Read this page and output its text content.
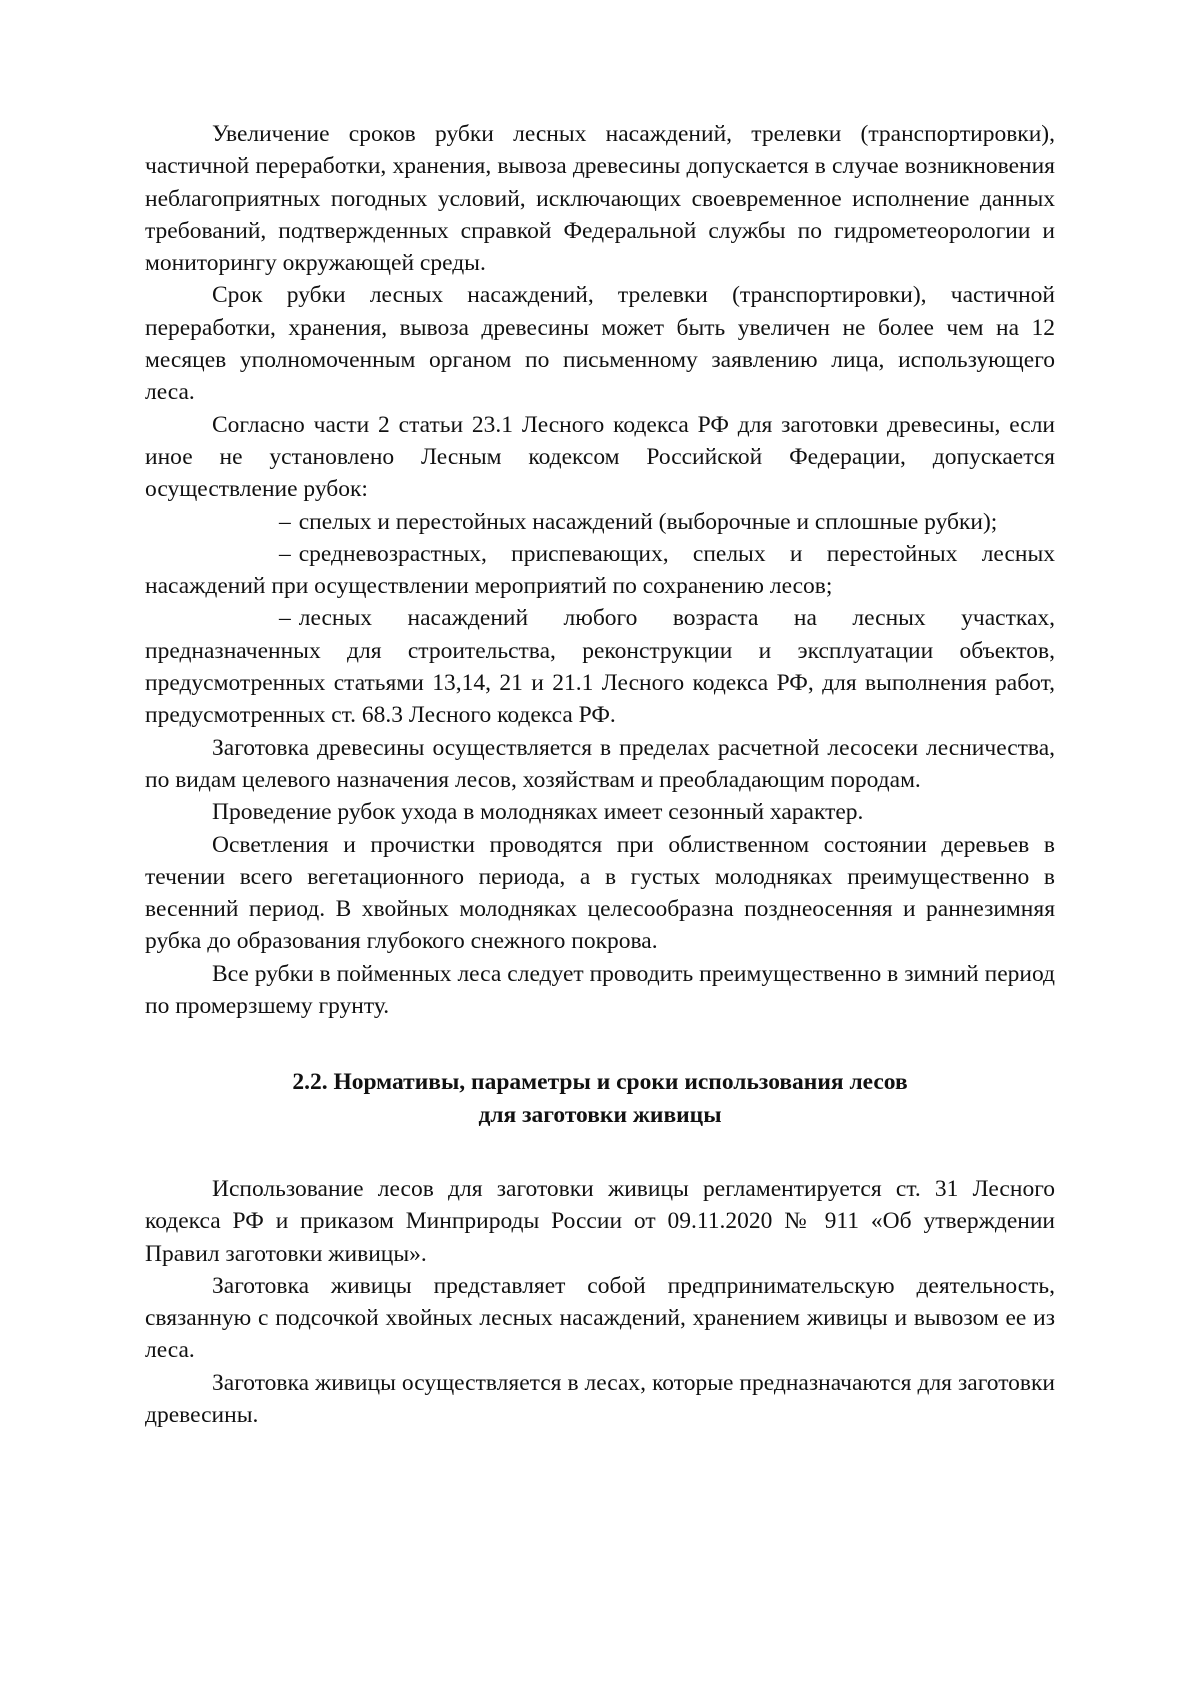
Увеличение сроков рубки лесных насаждений, трелевки (транспортировки), частичной переработки, хранения, вывоза древесины допускается в случае возникновения неблагоприятных погодных условий, исключающих своевременное исполнение данных требований, подтвержденных справкой Федеральной службы по гидрометеорологии и мониторингу окружающей среды.

Срок рубки лесных насаждений, трелевки (транспортировки), частичной переработки, хранения, вывоза древесины может быть увеличен не более чем на 12 месяцев уполномоченным органом по письменному заявлению лица, использующего леса.

Согласно части 2 статьи 23.1 Лесного кодекса РФ для заготовки древесины, если иное не установлено Лесным кодексом Российской Федерации, допускается осуществление рубок:

– спелых и перестойных насаждений (выборочные и сплошные рубки);

– средневозрастных, приспевающих, спелых и перестойных лесных насаждений при осуществлении мероприятий по сохранению лесов;

– лесных насаждений любого возраста на лесных участках, предназначенных для строительства, реконструкции и эксплуатации объектов, предусмотренных статьями 13,14, 21 и 21.1 Лесного кодекса РФ, для выполнения работ, предусмотренных ст. 68.3 Лесного кодекса РФ.

Заготовка древесины осуществляется в пределах расчетной лесосеки лесничества, по видам целевого назначения лесов, хозяйствам и преобладающим породам.

Проведение рубок ухода в молодняках имеет сезонный характер.

Осветления и прочистки проводятся при облиственном состоянии деревьев в течении всего вегетационного периода, а в густых молодняках преимущественно в весенний период. В хвойных молодняках целесообразна позднеосенняя и раннезимняя рубка до образования глубокого снежного покрова.

Все рубки в пойменных леса следует проводить преимущественно в зимний период по промерзшему грунту.

2.2. Нормативы, параметры и сроки использования лесов
для заготовки живицы

Использование лесов для заготовки живицы регламентируется ст. 31 Лесного кодекса РФ и приказом Минприроды России от 09.11.2020 № 911 «Об утверждении Правил заготовки живицы».

Заготовка живицы представляет собой предпринимательскую деятельность, связанную с подсочкой хвойных лесных насаждений, хранением живицы и вывозом ее из леса.

Заготовка живицы осуществляется в лесах, которые предназначаются для заготовки древесины.
